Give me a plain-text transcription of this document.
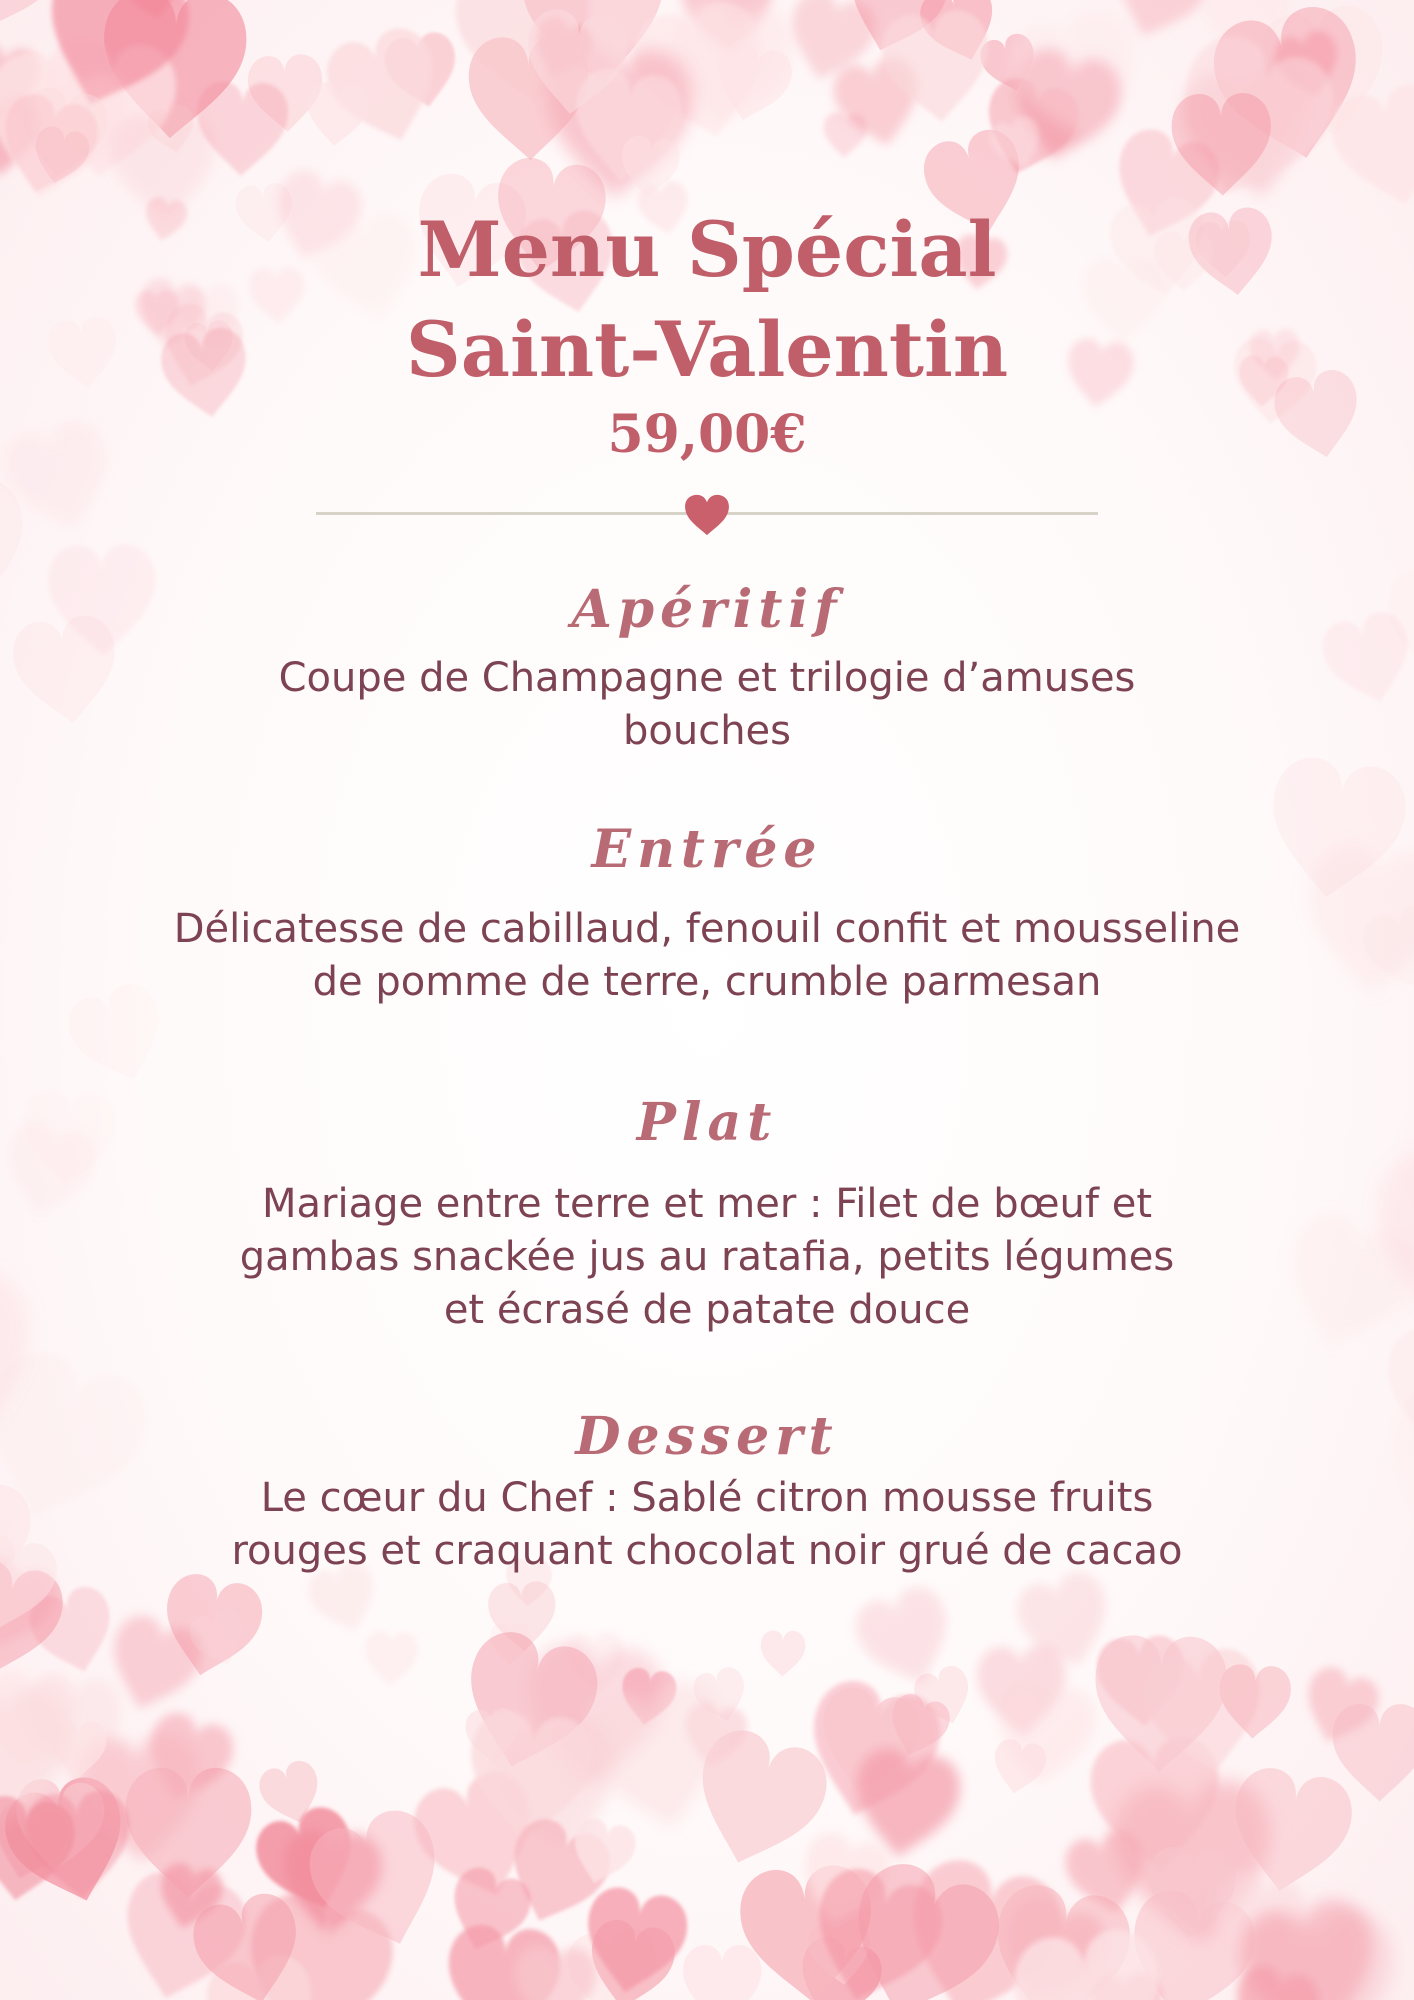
Menu Spécial
Saint-Valentin
59,00€
Apéritif

Coupe de Champagne et trilogie d’amuses bouches

Entrée

Délicatesse de cabillaud, fenouil confit et mousseline de pomme de terre, crumble parmesan

Plat

Mariage entre terre et mer : Filet de bœuf et gambas snackée jus au ratafia, petits légumes et écrasé de patate douce

Dessert

Le cœur du Chef : Sablé citron mousse fruits rouges et craquant chocolat noir grué de cacao
